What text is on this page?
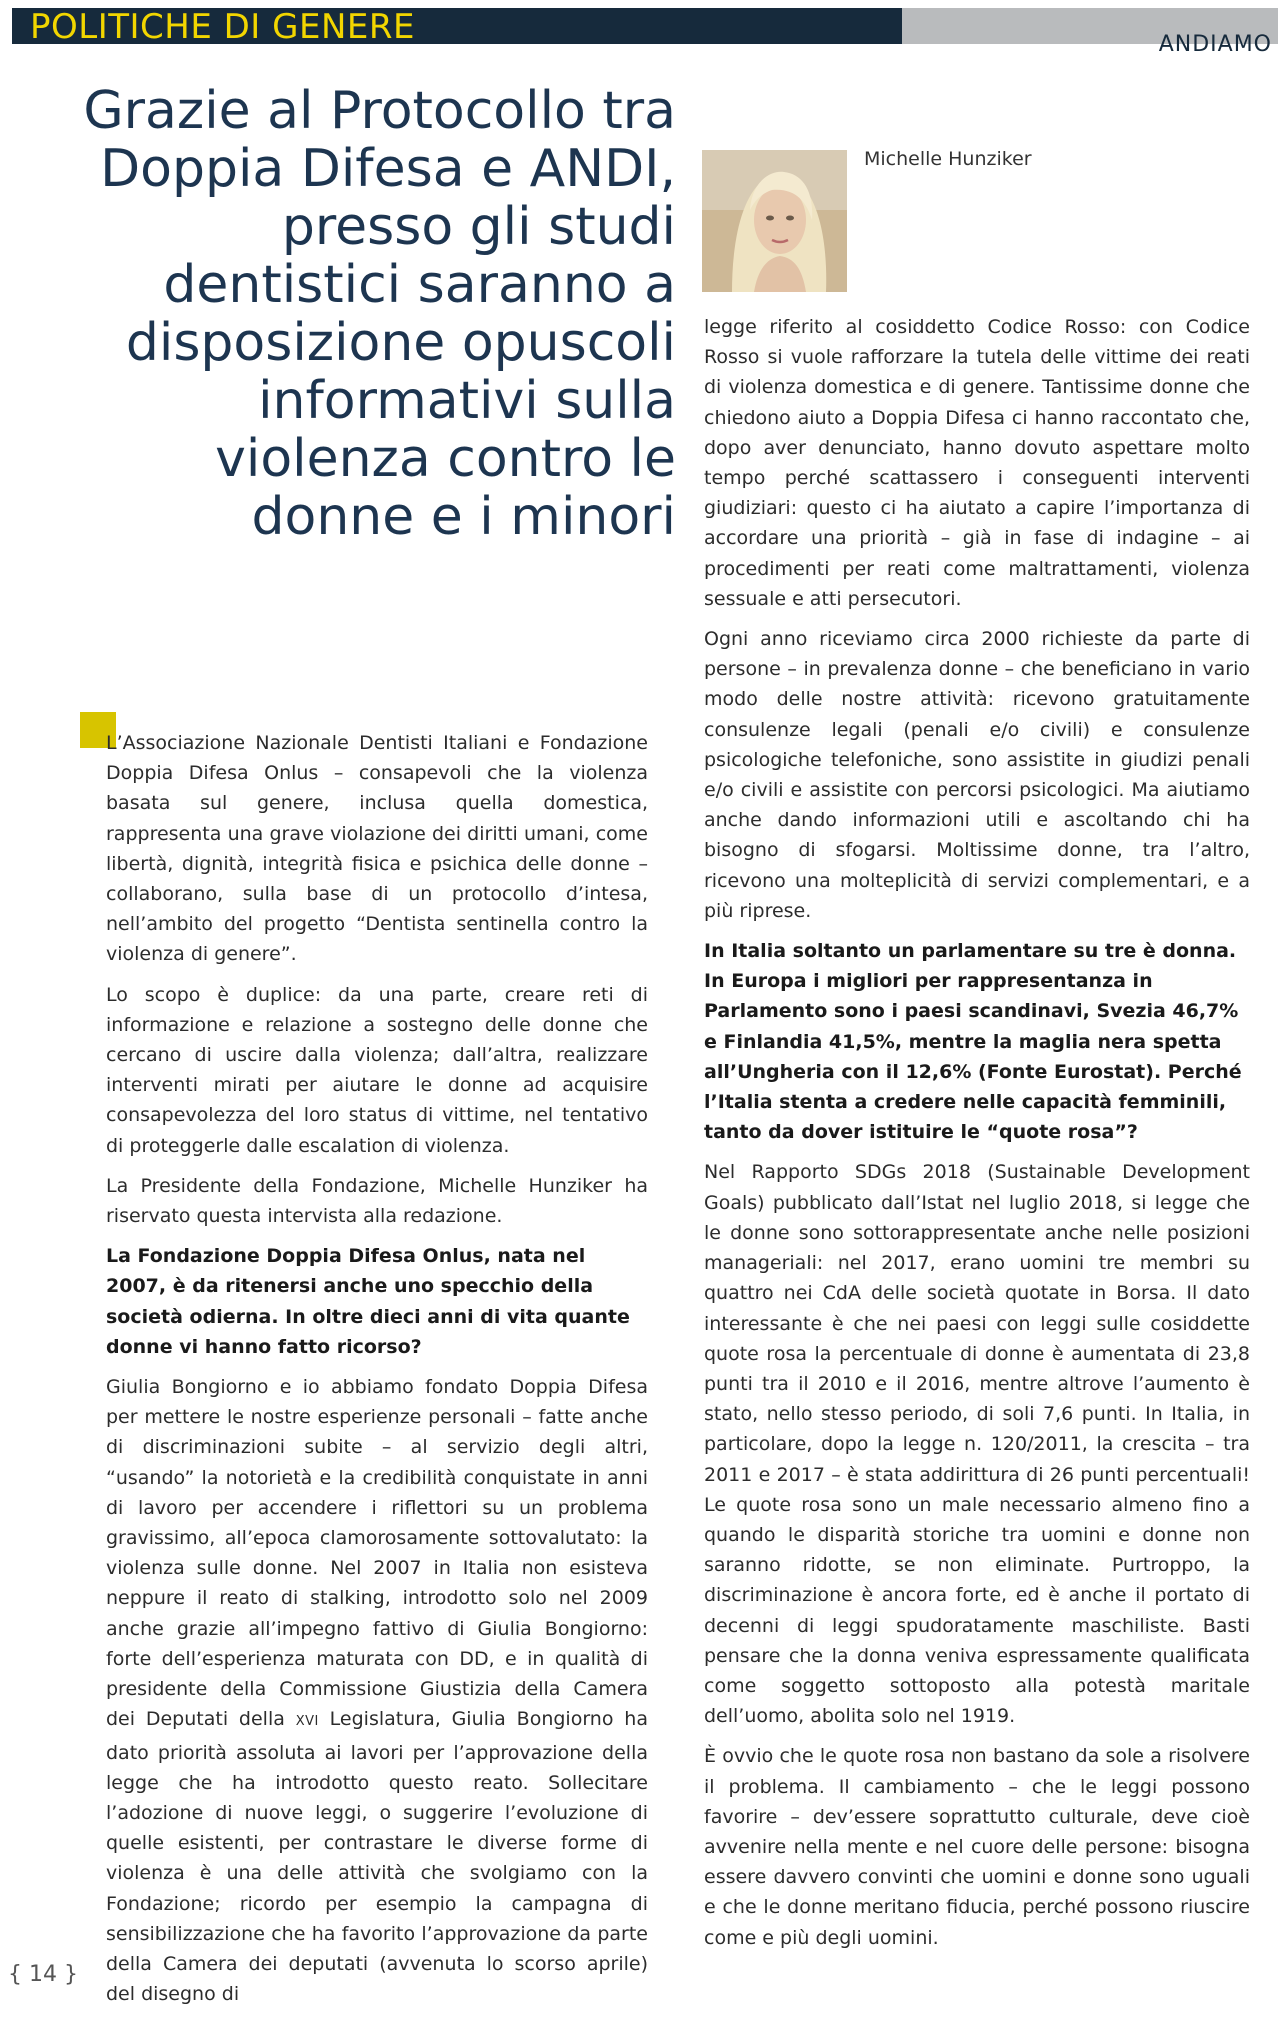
POLITICHE DI GENERE	ANDIAMO
Grazie al Protocollo tra Doppia Difesa e ANDI, presso gli studi dentistici saranno a disposizione opuscoli informativi sulla violenza contro le donne e i minori
Michelle Hunziker

L’Associazione Nazionale Dentisti Italiani e Fondazione Doppia Difesa Onlus – consapevoli che la violenza basata sul genere, inclusa quella domestica, rappresenta una grave violazione dei diritti umani, come libertà, dignità, integrità fisica e psichica delle donne – collaborano, sulla base di un protocollo d’intesa, nell’ambito del progetto “Dentista sentinella contro la violenza di genere”.

Lo scopo è duplice: da una parte, creare reti di informazione e relazione a sostegno delle donne che cercano di uscire dalla violenza; dall’altra, realizzare interventi mirati per aiutare le donne ad acquisire consapevolezza del loro status di vittime, nel tentativo di proteggerle dalle escalation di violenza.

La Presidente della Fondazione, Michelle Hunziker ha riservato questa intervista alla redazione.

La Fondazione Doppia Difesa Onlus, nata nel 2007, è da ritenersi anche uno specchio della società odierna. In oltre dieci anni di vita quante donne vi hanno fatto ricorso?

Giulia Bongiorno e io abbiamo fondato Doppia Difesa per mettere le nostre esperienze personali – fatte anche di discriminazioni subite – al servizio degli altri, “usando” la notorietà e la credibilità conquistate in anni di lavoro per accendere i riflettori su un problema gravissimo, all’epoca clamorosamente sottovalutato: la violenza sulle donne. Nel 2007 in Italia non esisteva neppure il reato di stalking, introdotto solo nel 2009 anche grazie all’impegno fattivo di Giulia Bongiorno: forte dell’esperienza maturata con DD, e in qualità di presidente della Commissione Giustizia della Camera dei Deputati della XVI Legislatura, Giulia Bongiorno ha dato priorità assoluta ai lavori per l’approvazione della legge che ha introdotto questo reato. Sollecitare l’adozione di nuove leggi, o suggerire l’evoluzione di quelle esistenti, per contrastare le diverse forme di violenza è una delle attività che svolgiamo con la Fondazione; ricordo per esempio la campagna di sensibilizzazione che ha favorito l’approvazione da parte della Camera dei deputati (avvenuta lo scorso aprile) del disegno di

legge riferito al cosiddetto Codice Rosso: con Codice Rosso si vuole rafforzare la tutela delle vittime dei reati di violenza domestica e di genere. Tantissime donne che chiedono aiuto a Doppia Difesa ci hanno raccontato che, dopo aver denunciato, hanno dovuto aspettare molto tempo perché scattassero i conseguenti interventi giudiziari: questo ci ha aiutato a capire l’importanza di accordare una priorità – già in fase di indagine – ai procedimenti per reati come maltrattamenti, violenza sessuale e atti persecutori.

Ogni anno riceviamo circa 2000 richieste da parte di persone – in prevalenza donne – che beneficiano in vario modo delle nostre attività: ricevono gratuitamente consulenze legali (penali e/o civili) e consulenze psicologiche telefoniche, sono assistite in giudizi penali e/o civili e assistite con percorsi psicologici. Ma aiutiamo anche dando informazioni utili e ascoltando chi ha bisogno di sfogarsi. Moltissime donne, tra l’altro, ricevono una molteplicità di servizi complementari, e a più riprese.

In Italia soltanto un parlamentare su tre è donna. In Europa i migliori per rappresentanza in Parlamento sono i paesi scandinavi, Svezia 46,7% e Finlandia 41,5%, mentre la maglia nera spetta all’Ungheria con il 12,6% (Fonte Eurostat). Perché l’Italia stenta a credere nelle capacità femminili, tanto da dover istituire le “quote rosa”?

Nel Rapporto SDGs 2018 (Sustainable Development Goals) pubblicato dall’Istat nel luglio 2018, si legge che le donne sono sottorappresentate anche nelle posizioni manageriali: nel 2017, erano uomini tre membri su quattro nei CdA delle società quotate in Borsa. Il dato interessante è che nei paesi con leggi sulle cosiddette quote rosa la percentuale di donne è aumentata di 23,8 punti tra il 2010 e il 2016, mentre altrove l’aumento è stato, nello stesso periodo, di soli 7,6 punti. In Italia, in particolare, dopo la legge n. 120/2011, la crescita – tra 2011 e 2017 – è stata addirittura di 26 punti percentuali! Le quote rosa sono un male necessario almeno fino a quando le disparità storiche tra uomini e donne non saranno ridotte, se non eliminate. Purtroppo, la discriminazione è ancora forte, ed è anche il portato di decenni di leggi spudoratamente maschiliste. Basti pensare che la donna veniva espressamente qualificata come soggetto sottoposto alla potestà maritale dell’uomo, abolita solo nel 1919.

È ovvio che le quote rosa non bastano da sole a risolvere il problema. Il cambiamento – che le leggi possono favorire – dev’essere soprattutto culturale, deve cioè avvenire nella mente e nel cuore delle persone: bisogna essere davvero convinti che uomini e donne sono uguali e che le donne meritano fiducia, perché possono riuscire come e più degli uomini.

{ 14 }
